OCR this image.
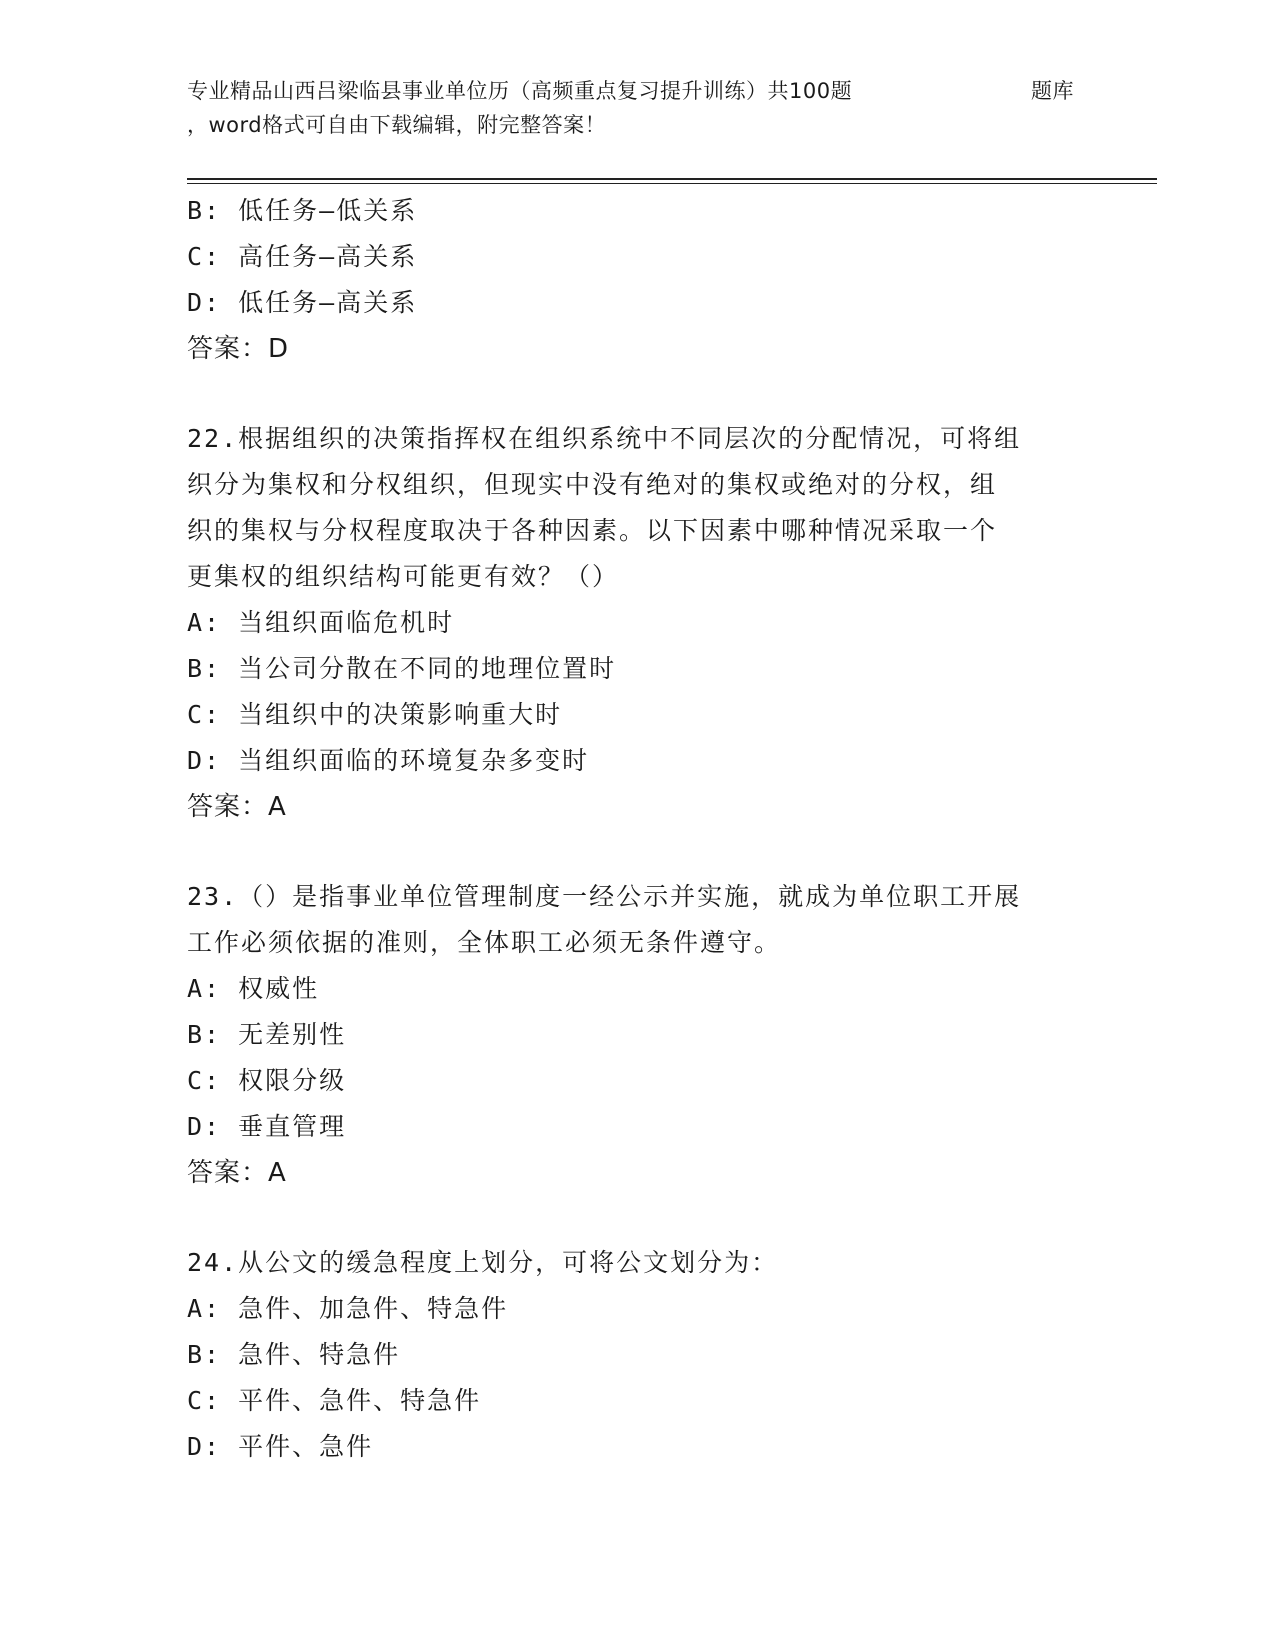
专业精品山西吕梁临县事业单位历（高频重点复习提升训练）共100题	题库
，word格式可自由下载编辑，附完整答案！
B: 低任务—低关系
C: 高任务—高关系
D: 低任务—高关系
答案：D
22.根据组织的决策指挥权在组织系统中不同层次的分配情况，可将组
织分为集权和分权组织，但现实中没有绝对的集权或绝对的分权，组
织的集权与分权程度取决于各种因素。以下因素中哪种情况采取一个
更集权的组织结构可能更有效？（）
A: 当组织面临危机时
B: 当公司分散在不同的地理位置时
C: 当组织中的决策影响重大时
D: 当组织面临的环境复杂多变时
答案：A
23.（）是指事业单位管理制度一经公示并实施，就成为单位职工开展
工作必须依据的准则，全体职工必须无条件遵守。
A: 权威性
B: 无差别性
C: 权限分级
D: 垂直管理
答案：A
24.从公文的缓急程度上划分，可将公文划分为：
A: 急件、加急件、特急件
B: 急件、特急件
C: 平件、急件、特急件
D: 平件、急件
